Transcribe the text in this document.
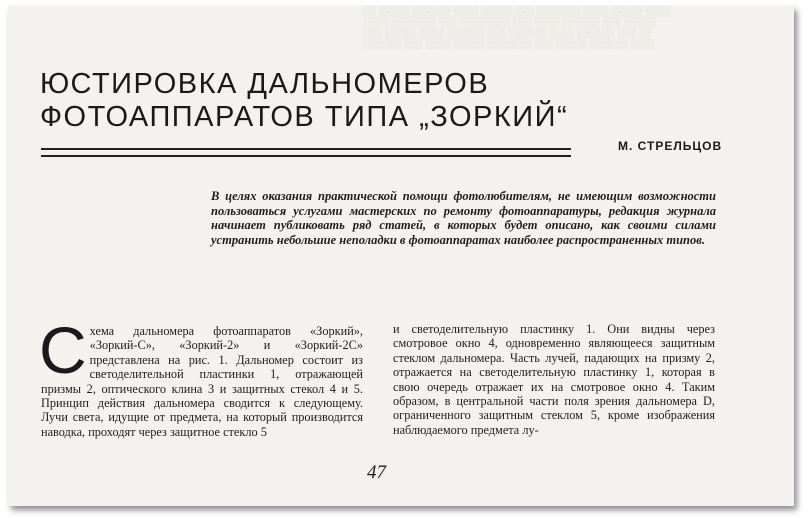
░░ ░░░░░ ░░░░░░ ░░░░ ░░░░░ ░░░ ░░░░░░░ ░░░░ ░░░░░ ░░░░
░░░░ ░░░░░░░ ░░░ ░░░░░░░░ ░░░ ░░░░ ░░░░░░ ░░░ ░░░░░
░░░ ░░░░░ ░░░░ ░░░░░░ ░░░ ░░░░░░ ░░░░ ░░░░░░ ░░░ ░░
░░░░░░ ░░░ ░░░░ ░░░░░ ░░░░░░░ ░░░ ░░░░░ ░░░░░░ ░░░░
ЮСТИРОВКА ДАЛЬНОМЕРОВ
ФОТОАППАРАТОВ ТИПА „ЗОРКИЙ“
М. СТРЕЛЬЦОВ

В целях оказания практической помощи фотолюбителям, не имеющим возможности пользоваться услугами мастерских по ремонту фотоаппаратуры, редакция журнала начинает публиковать ряд статей, в которых будет описано, как своими силами устранить небольшие неполадки в фотоаппаратах наиболее распространенных типов.

Схема дальномера фотоаппаратов «Зоркий», «Зоркий-С», «Зоркий-2» и «Зоркий-2С» представлена на рис. 1. Дальномер состоит из светоделительной пластинки 1, отражающей призмы 2, оптического клина 3 и защитных стекол 4 и 5. Принцип действия дальномера сводится к следующему. Лучи света, идущие от предмета, на который производится наводка, проходят через защитное стекло 5

и светоделительную пластинку 1. Они видны через смотровое окно 4, одновременно являющееся защитным стеклом дальномера. Часть лучей, падающих на призму 2, отражается на светоделительную пластинку 1, которая в свою очередь отражает их на смотровое окно 4. Таким образом, в центральной части поля зрения дальномера D, ограниченного защитным стеклом 5, кроме изображения наблюдаемого предмета лу-

47
